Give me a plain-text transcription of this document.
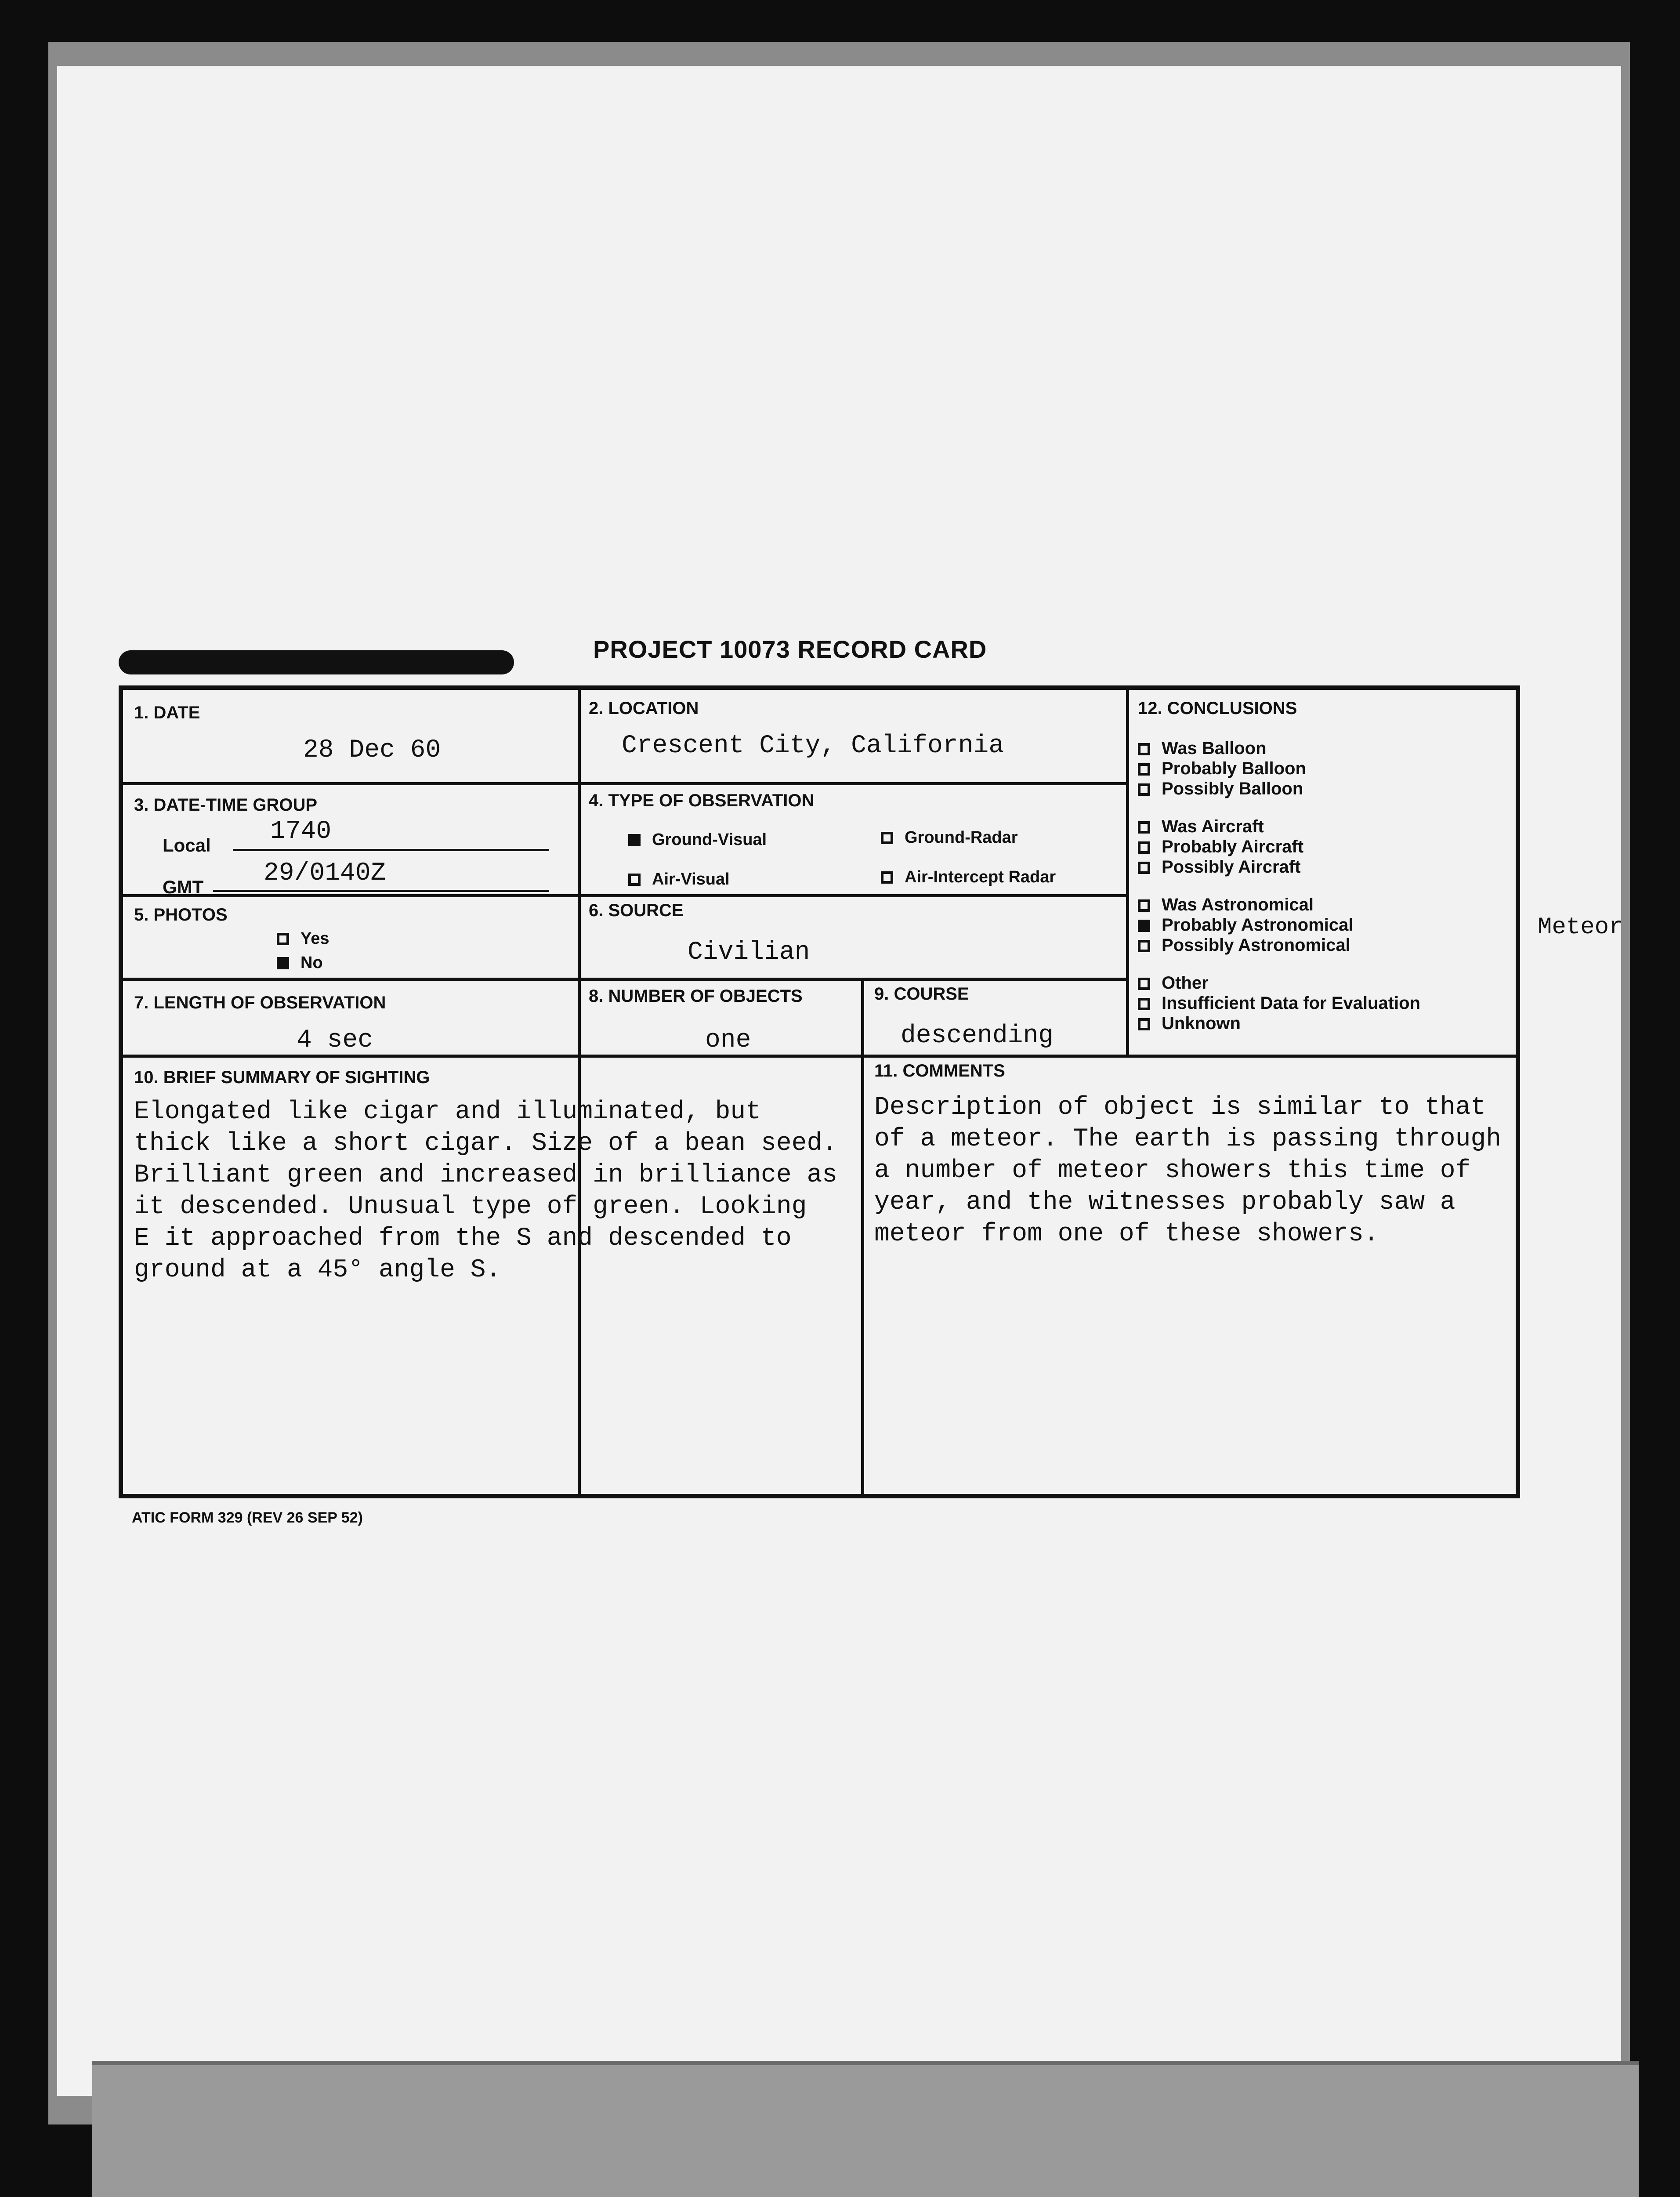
PROJECT 10073 RECORD CARD
1. DATE
28 Dec 60
2. LOCATION
Crescent City, California
3. DATE-TIME GROUP
Local 1740
GMT 29/0140Z
4. TYPE OF OBSERVATION
Ground-Visual	Ground-Radar
Air-Visual	Air-Intercept Radar
5. PHOTOS
Yes
No
6. SOURCE
Civilian
7. LENGTH OF OBSERVATION
4 sec
8. NUMBER OF OBJECTS
one
9. COURSE
descending
10. BRIEF SUMMARY OF SIGHTING
Elongated like cigar and illuminated, but
thick like a short cigar. Size of a bean seed.
Brilliant green and increased in brilliance as
it descended. Unusual type of green. Looking
E it approached from the S and descended to
ground at a 45° angle S.
11. COMMENTS
Description of object is similar to that
of a meteor. The earth is passing through
a number of meteor showers this time of
year, and the witnesses probably saw a
meteor from one of these showers.
12. CONCLUSIONS
Was Balloon
Probably Balloon
Possibly Balloon
Was Aircraft
Probably Aircraft
Possibly Aircraft
Was Astronomical
Probably Astronomical
Possibly Astronomical
Other
Insufficient Data for Evaluation
Unknown
Meteor
ATIC FORM 329 (REV 26 SEP 52)
